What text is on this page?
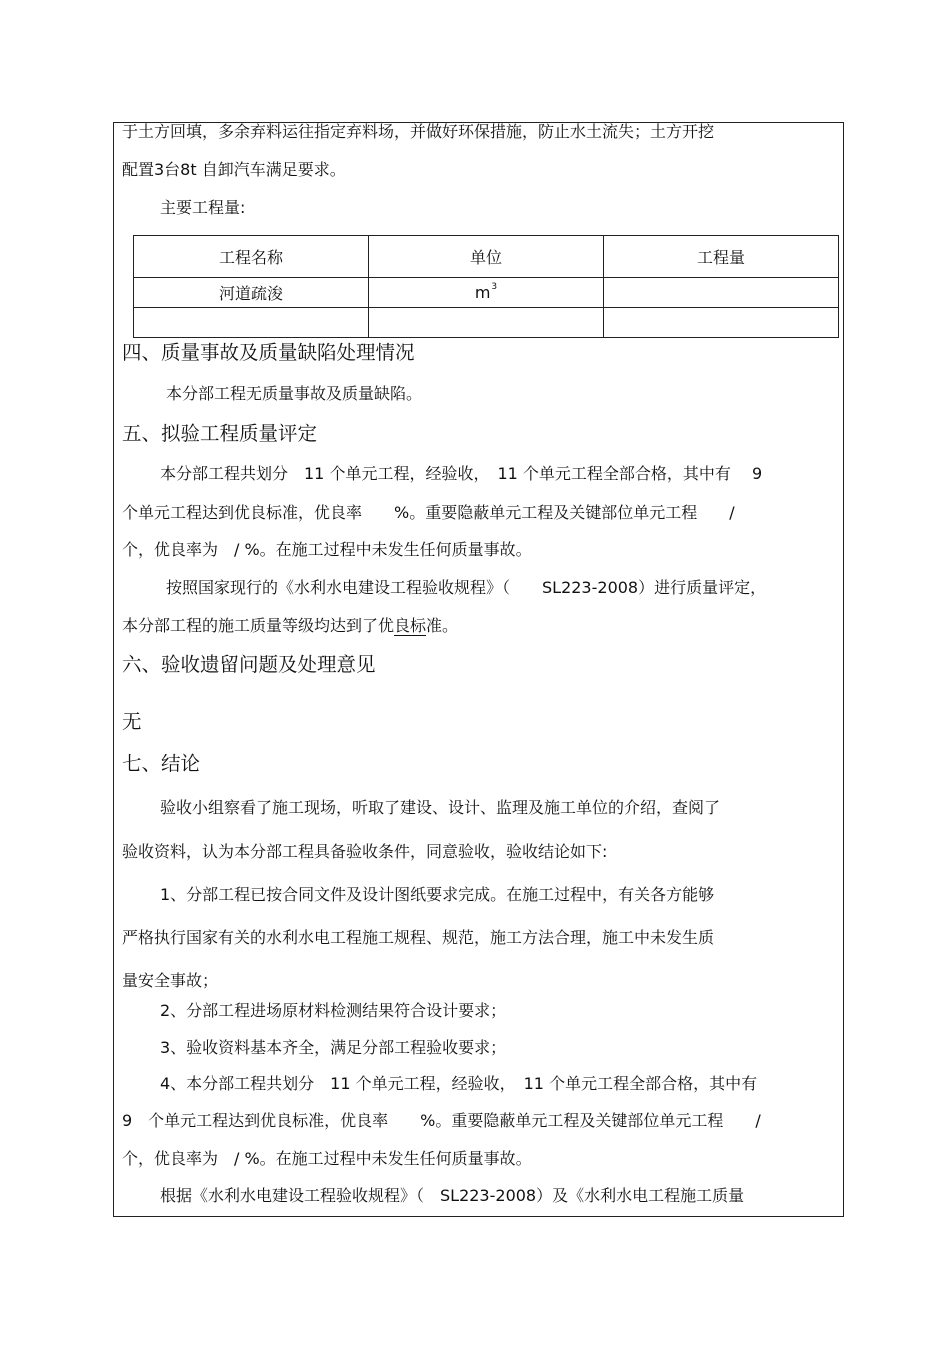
于土方回填，多余弃料运往指定弃料场，并做好环保措施，防止水土流失；土方开挖
配置3台8t 自卸汽车满足要求。
主要工程量:
工程名称	单位	工程量
河道疏浚	$m^3$	

四、质量事故及质量缺陷处理情况
本分部工程无质量事故及质量缺陷。
五、拟验工程质量评定
本分部工程共划分　11 个单元工程，经验收，　11 个单元工程全部合格，其中有　 9
个单元工程达到优良标准，优良率　　%。重要隐蔽单元工程及关键部位单元工程　　/
个，优良率为　/ %。在施工过程中未发生任何质量事故。
按照国家现行的《水利水电建设工程验收规程》（　　SL223-2008）进行质量评定，
本分部工程的施工质量等级均达到了优良标准。
六、验收遗留问题及处理意见
无
七、结论
验收小组察看了施工现场，听取了建设、设计、监理及施工单位的介绍，查阅了
验收资料，认为本分部工程具备验收条件，同意验收，验收结论如下:
1、分部工程已按合同文件及设计图纸要求完成。在施工过程中，有关各方能够
严格执行国家有关的水利水电工程施工规程、规范，施工方法合理，施工中未发生质
量安全事故；
2、分部工程进场原材料检测结果符合设计要求；
3、验收资料基本齐全，满足分部工程验收要求；
4、本分部工程共划分　11 个单元工程，经验收，　11 个单元工程全部合格，其中有
9　个单元工程达到优良标准，优良率　　%。重要隐蔽单元工程及关键部位单元工程　　/
个，优良率为　/ %。在施工过程中未发生任何质量事故。
根据《水利水电建设工程验收规程》（　SL223-2008）及《水利水电工程施工质量
